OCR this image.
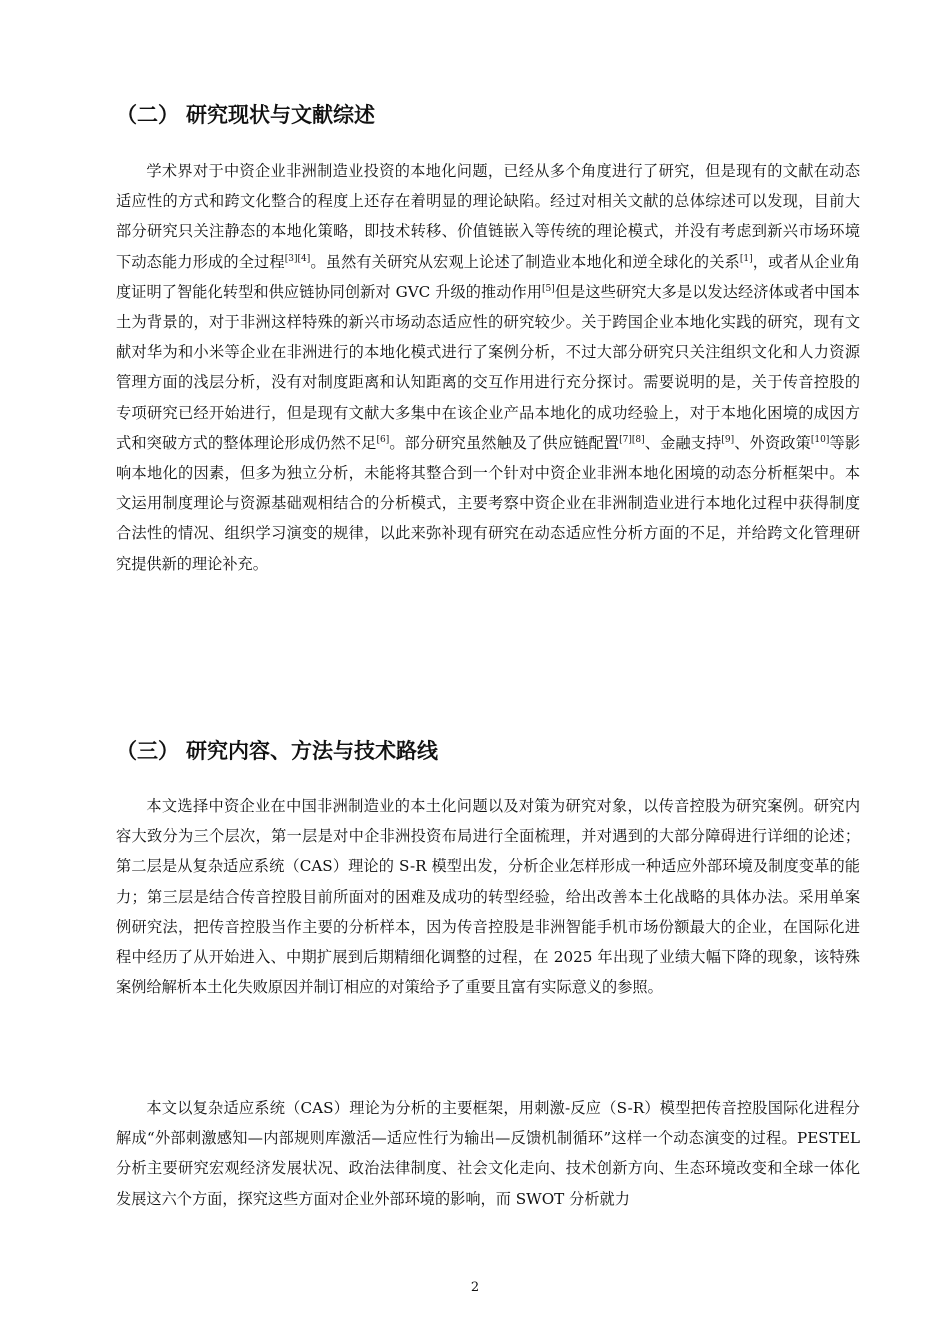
（二） 研究现状与文献综述

学术界对于中资企业非洲制造业投资的本地化问题，已经从多个角度进行了研究，但是现有的文献在动态适应性的方式和跨文化整合的程度上还存在着明显的理论缺陷。经过对相关文献的总体综述可以发现，目前大部分研究只关注静态的本地化策略，即技术转移、价值链嵌入等传统的理论模式，并没有考虑到新兴市场环境下动态能力形成的全过程[3][4]。虽然有关研究从宏观上论述了制造业本地化和逆全球化的关系[1]，或者从企业角度证明了智能化转型和供应链协同创新对 GVC 升级的推动作用[5]但是这些研究大多是以发达经济体或者中国本土为背景的，对于非洲这样特殊的新兴市场动态适应性的研究较少。关于跨国企业本地化实践的研究，现有文献对华为和小米等企业在非洲进行的本地化模式进行了案例分析，不过大部分研究只关注组织文化和人力资源管理方面的浅层分析，没有对制度距离和认知距离的交互作用进行充分探讨。需要说明的是，关于传音控股的专项研究已经开始进行，但是现有文献大多集中在该企业产品本地化的成功经验上，对于本地化困境的成因方式和突破方式的整体理论形成仍然不足[6]。部分研究虽然触及了供应链配置[7][8]、金融支持[9]、外资政策[10]等影响本地化的因素，但多为独立分析，未能将其整合到一个针对中资企业非洲本地化困境的动态分析框架中。本文运用制度理论与资源基础观相结合的分析模式，主要考察中资企业在非洲制造业进行本地化过程中获得制度合法性的情况、组织学习演变的规律，以此来弥补现有研究在动态适应性分析方面的不足，并给跨文化管理研究提供新的理论补充。

（三） 研究内容、方法与技术路线

本文选择中资企业在中国非洲制造业的本土化问题以及对策为研究对象，以传音控股为研究案例。研究内容大致分为三个层次，第一层是对中企非洲投资布局进行全面梳理，并对遇到的大部分障碍进行详细的论述；第二层是从复杂适应系统（CAS）理论的 S-R 模型出发，分析企业怎样形成一种适应外部环境及制度变革的能力；第三层是结合传音控股目前所面对的困难及成功的转型经验，给出改善本土化战略的具体办法。采用单案例研究法，把传音控股当作主要的分析样本，因为传音控股是非洲智能手机市场份额最大的企业，在国际化进程中经历了从开始进入、中期扩展到后期精细化调整的过程，在 2025 年出现了业绩大幅下降的现象，该特殊案例给解析本土化失败原因并制订相应的对策给予了重要且富有实际意义的参照。

本文以复杂适应系统（CAS）理论为分析的主要框架，用刺激-反应（S-R）模型把传音控股国际化进程分解成“外部刺激感知—内部规则库激活—适应性行为输出—反馈机制循环”这样一个动态演变的过程。PESTEL 分析主要研究宏观经济发展状况、政治法律制度、社会文化走向、技术创新方向、生态环境改变和全球一体化发展这六个方面，探究这些方面对企业外部环境的影响，而 SWOT 分析就力

2
